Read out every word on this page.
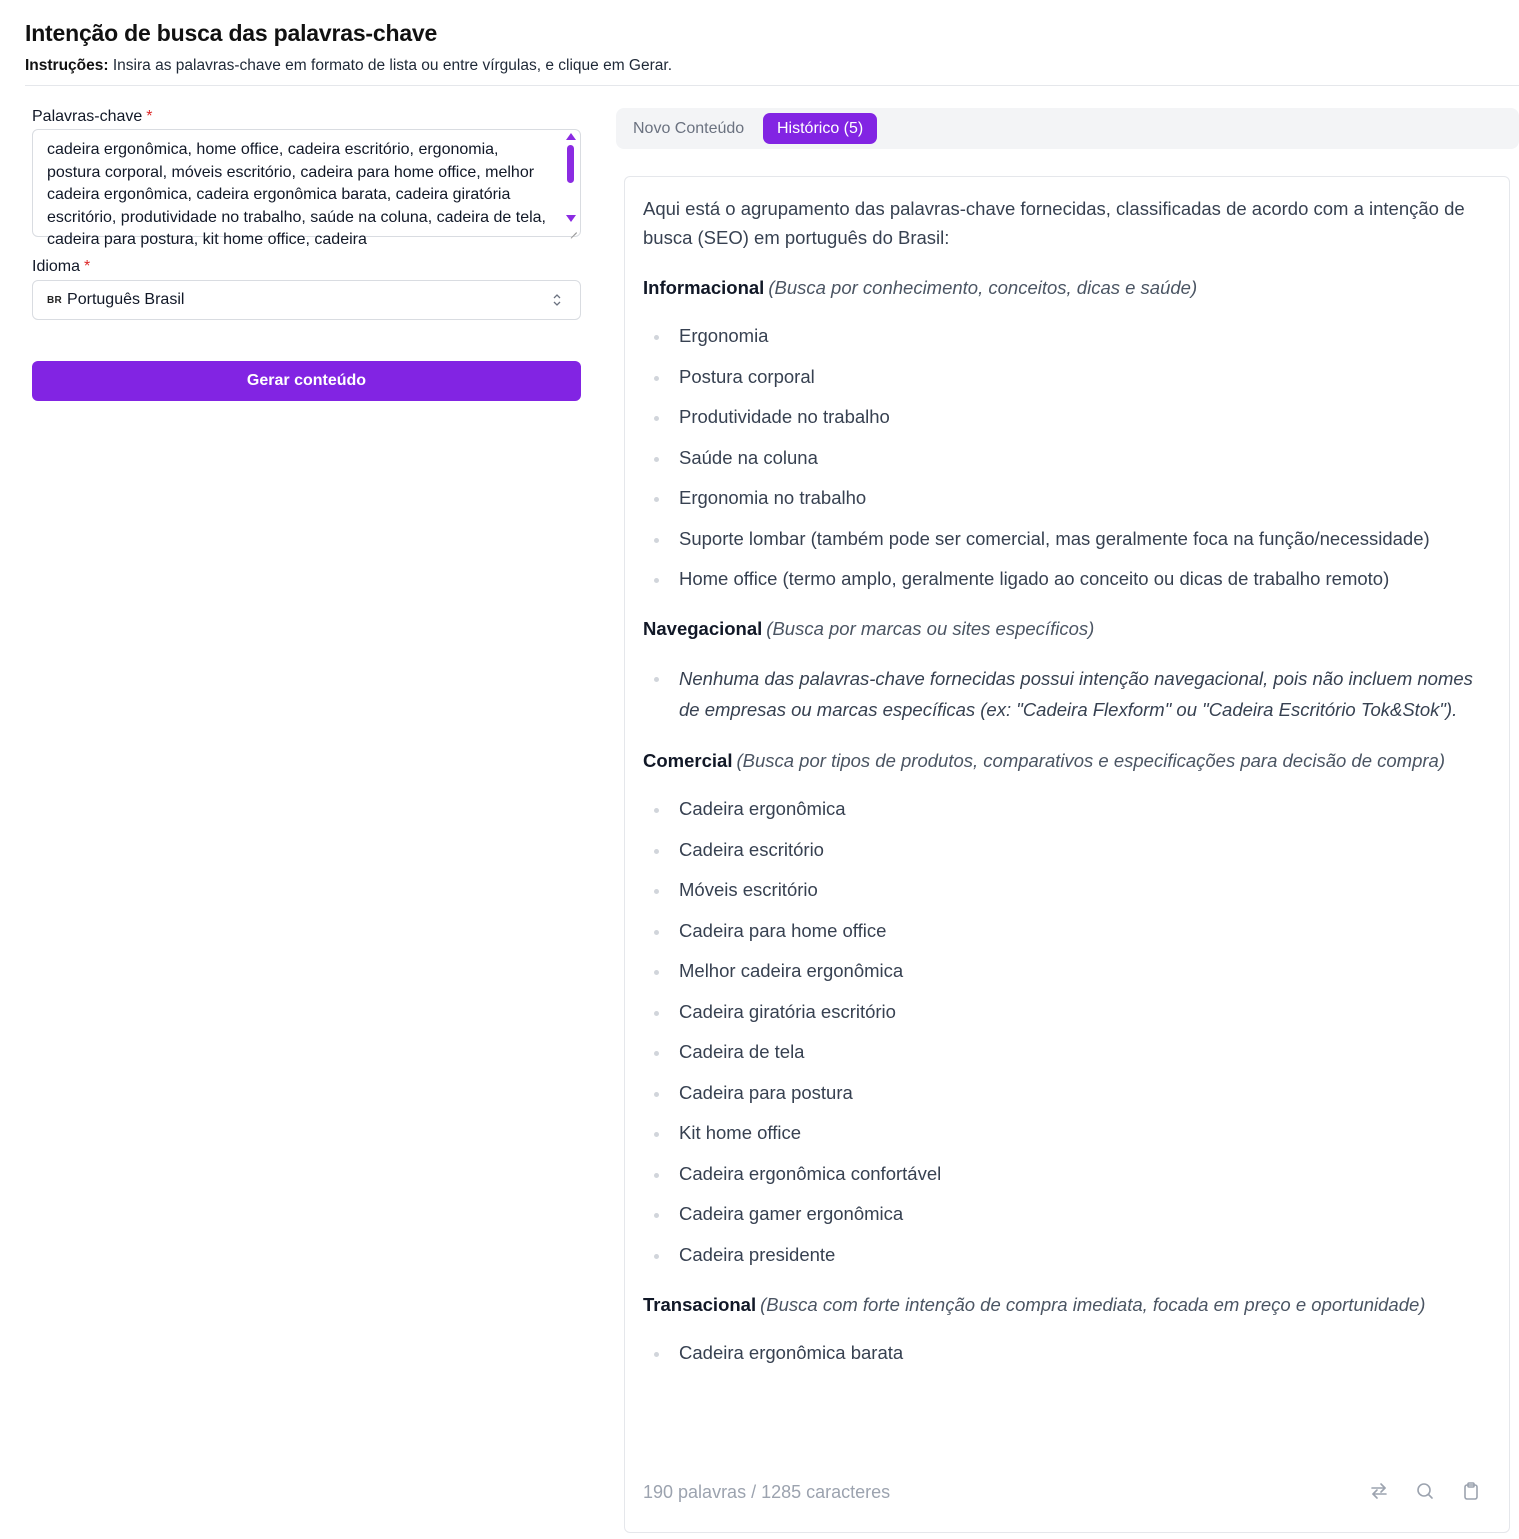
Intenção de busca das palavras-chave

Instruções: Insira as palavras-chave em formato de lista ou entre vírgulas, e clique em Gerar.

Palavras-chave *
cadeira ergonômica, home office, cadeira escritório, ergonomia, postura corporal, móveis escritório, cadeira para home office, melhor cadeira ergonômica, cadeira ergonômica barata, cadeira giratória escritório, produtividade no trabalho, saúde na coluna, cadeira de tela, cadeira para postura, kit home office, cadeira
Idioma *
BR Português Brasil
Gerar conteúdo
Novo Conteúdo	Histórico (5)

Aqui está o agrupamento das palavras-chave fornecidas, classificadas de acordo com a intenção de busca (SEO) em português do Brasil:

Informacional (Busca por conhecimento, conceitos, dicas e saúde)

Ergonomia
Postura corporal
Produtividade no trabalho
Saúde na coluna
Ergonomia no trabalho
Suporte lombar (também pode ser comercial, mas geralmente foca na função/necessidade)
Home office (termo amplo, geralmente ligado ao conceito ou dicas de trabalho remoto)

Navegacional (Busca por marcas ou sites específicos)

Nenhuma das palavras-chave fornecidas possui intenção navegacional, pois não incluem nomes de empresas ou marcas específicas (ex: "Cadeira Flexform" ou "Cadeira Escritório Tok&Stok").

Comercial (Busca por tipos de produtos, comparativos e especificações para decisão de compra)

Cadeira ergonômica
Cadeira escritório
Móveis escritório
Cadeira para home office
Melhor cadeira ergonômica
Cadeira giratória escritório
Cadeira de tela
Cadeira para postura
Kit home office
Cadeira ergonômica confortável
Cadeira gamer ergonômica
Cadeira presidente

Transacional (Busca com forte intenção de compra imediata, focada em preço e oportunidade)

Cadeira ergonômica barata
190 palavras / 1285 caracteres
